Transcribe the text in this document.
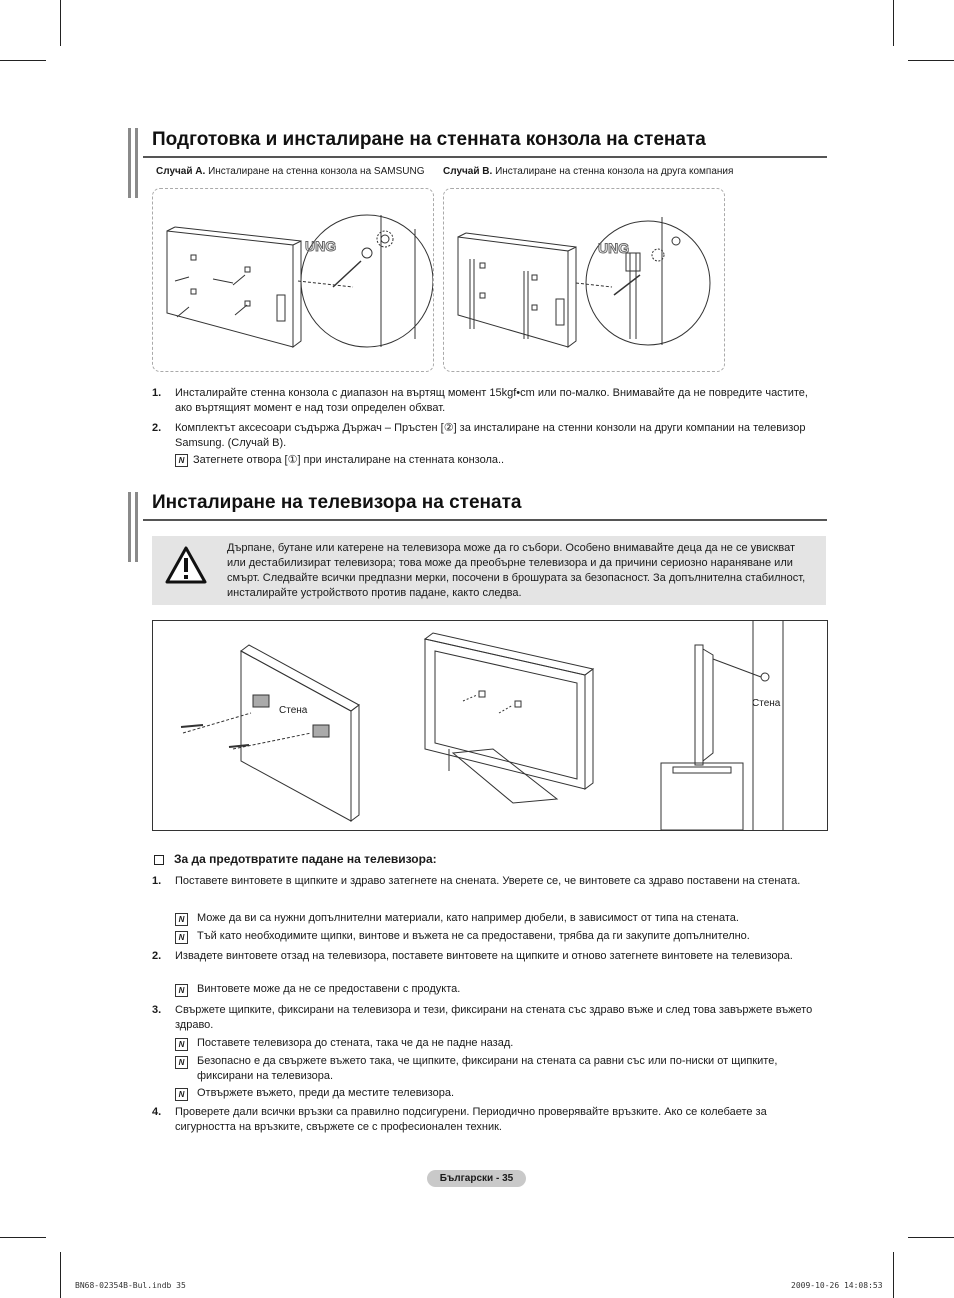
Подготовка и инсталиране на стенната конзола на стената
Случай A. Инсталиране на стенна конзола на SAMSUNG Случай B. Инсталиране на стенна конзола на друга компания
UNG	UNG
1. Инсталирайте стенна конзола с диапазон на въртящ момент 15kgf•cm или по-малко. Внимавайте да не повредите частите, ако въртящият момент е над този определен обхват.
2. Комплектът аксесоари съдържа Държач – Пръстен [②] за инсталиране на стенни конзоли на други компании на телевизор Samsung. (Случай B).
N Затегнете отвора [①] при инсталиране на стенната конзола..
Инсталиране на телевизора на стената
Дърпане, бутане или катерене на телевизора може да го събори. Особено внимавайте деца да не се увискват или дестабилизират телевизора; това може да преобърне телевизора и да причини сериозно нараняване или смърт. Следвайте всички предпазни мерки, посочени в брошурата за безопасност. За допълнителна стабилност, инсталирайте устройството против падане, както следва.
Стена
Стена
За да предотвратите падане на телевизора:
1. Поставете винтовете в щипките и здраво затегнете на снената. Уверете се, че винтовете са здраво поставени на стената.
N	Може да ви са нужни допълнителни материали, като например дюбели, в зависимост от типа на стената.
N	Тъй като необходимите щипки, винтове и въжета не са предоставени, трябва да ги закупите допълнително.
2. Извадете винтовете отзад на телевизора, поставете винтовете на щипките и отново затегнете винтовете на телевизора.
N	Винтовете може да не се предоставени с продукта.
3. Свържете щипките, фиксирани на телевизора и тези, фиксирани на стената със здраво въже и след това завържете въжето здраво.
N	Поставете телевизора до стената, така че да не падне назад.
N	Безопасно е да свържете въжето така, че щипките, фиксирани на стената са равни със или по-ниски от щипките, фиксирани на телевизора.
N	Отвържете въжето, преди да местите телевизора.
4. Проверете дали всички връзки са правилно подсигурени. Периодично проверявайте връзките. Ако се колебаете за сигурността на връзките, свържете се с професионален техник.
Български - 35
BN68-02354B-Bul.indb 35	2009-10-26 14:08:53
